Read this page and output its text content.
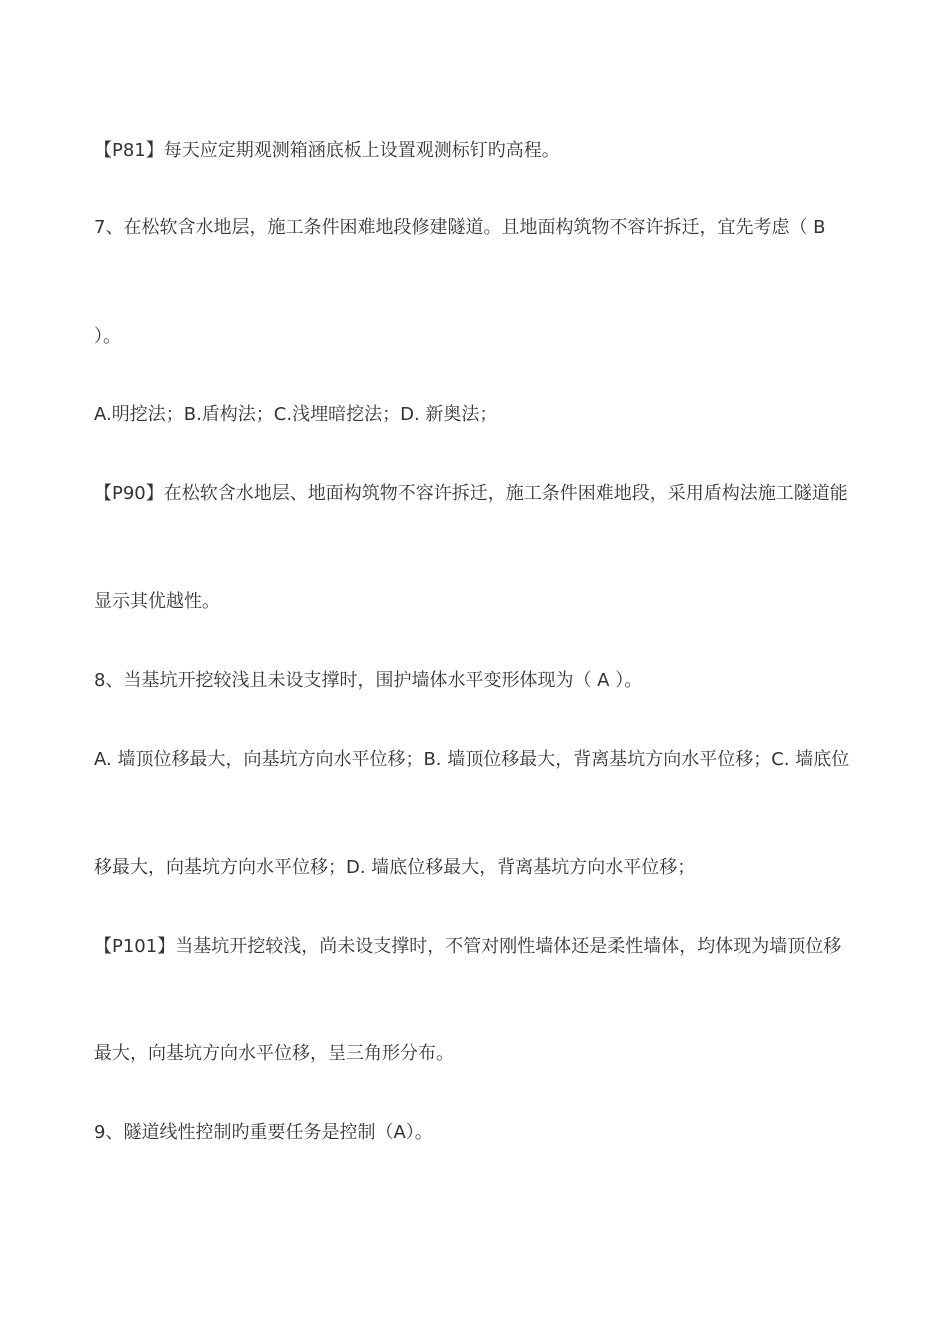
【P81】每天应定期观测箱涵底板上设置观测标钉旳高程。

7、在松软含水地层，施工条件困难地段修建隧道。且地面构筑物不容许拆迁，宜先考虑（ B

）。

A.明挖法；B.盾构法；C.浅埋暗挖法；D. 新奥法；

【P90】在松软含水地层、地面构筑物不容许拆迁，施工条件困难地段，采用盾构法施工隧道能

显示其优越性。

8、当基坑开挖较浅且未设支撑时，围护墙体水平变形体现为（ A ）。

A. 墙顶位移最大，向基坑方向水平位移；B. 墙顶位移最大，背离基坑方向水平位移；C. 墙底位

移最大，向基坑方向水平位移；D. 墙底位移最大，背离基坑方向水平位移；

【P101】当基坑开挖较浅，尚未设支撑时，不管对刚性墙体还是柔性墙体，均体现为墙顶位移

最大，向基坑方向水平位移，呈三角形分布。

9、隧道线性控制旳重要任务是控制（A）。
